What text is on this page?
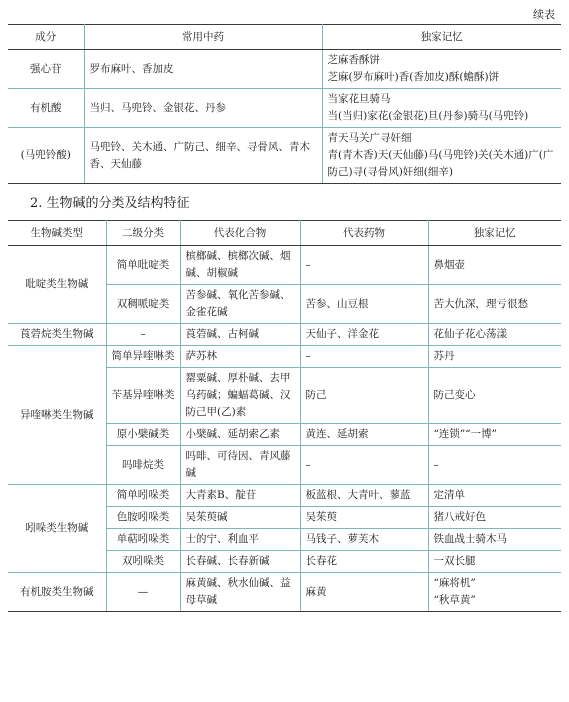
续表
成分	常用中药	独家记忆
强心苷	罗布麻叶、香加皮	芝麻香酥饼
芝麻(罗布麻叶)香(香加皮)酥(蟾酥)饼

有机酸	当归、马兜铃、金银花、丹参	当家花旦骑马
当(当归)家花(金银花)旦(丹参)骑马(马兜铃)

(马兜铃酸)	马兜铃、关木通、广防己、细辛、寻骨风、青木香、天仙藤	青天马关广寻奸细
青(青木香)天(天仙藤)马(马兜铃)关(关木通)广(广防己)寻(寻骨风)奸细(细辛)
2. 生物碱的分类及结构特征
生物碱类型	二级分类	代表化合物	代表药物	独家记忆
吡啶类生物碱	简单吡啶类	槟榔碱、槟榔次碱、烟碱、胡椒碱	–	鼻烟壶
	双稠哌啶类	苦参碱、氧化苦参碱、金雀花碱	苦参、山豆根	苦大仇深，理亏很愁
莨菪烷类生物碱	–	莨菪碱、古柯碱	天仙子、洋金花	花仙子花心荡漾
异喹啉类生物碱	简单异喹啉类	萨苏林	–	苏丹
	苄基异喹啉类	罂粟碱、厚朴碱、去甲乌药碱；蝙蝠葛碱、汉防己甲(乙)素	防己	防己变心
	原小檗碱类	小檗碱、延胡索乙素	黄连、延胡索	“连锁”“一博”
	吗啡烷类	吗啡、可待因、青风藤碱	–	–
吲哚类生物碱	简单吲哚类	大青素B、靛苷	板蓝根、大青叶、蓼蓝	定清单
	色胺吲哚类	吴茱萸碱	吴茱萸	猪八戒好色
	单萜吲哚类	士的宁、利血平	马钱子、萝芙木	铁血战士骑木马
	双吲哚类	长春碱、长春新碱	长春花	一双长腿
有机胺类生物碱	—	麻黄碱、秋水仙碱、益母草碱	麻黄	“麻将机”
“秋草黄”
